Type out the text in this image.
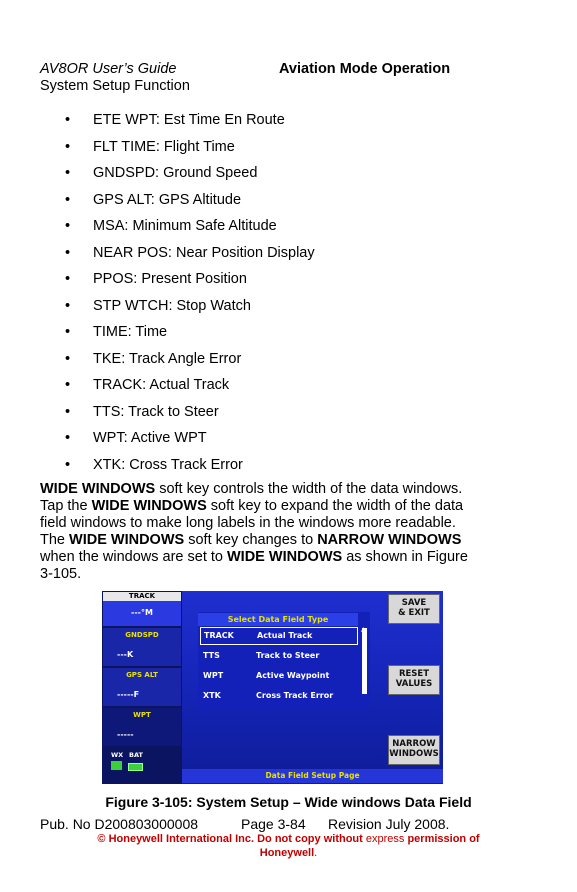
AV8OR User’s Guide
System Setup Function
Aviation Mode Operation
• ETE WPT: Est Time En Route
• FLT TIME: Flight Time
• GNDSPD: Ground Speed
• GPS ALT: GPS Altitude
• MSA: Minimum Safe Altitude
• NEAR POS: Near Position Display
• PPOS: Present Position
• STP WTCH: Stop Watch
• TIME: Time
• TKE: Track Angle Error
• TRACK: Actual Track
• TTS: Track to Steer
• WPT: Active WPT
• XTK: Cross Track Error
WIDE WINDOWS soft key controls the width of the data windows. Tap the WIDE WINDOWS soft key to expand the width of the data field windows to make long labels in the windows more readable. The WIDE WINDOWS soft key changes to NARROW WINDOWS when the windows are set to WIDE WINDOWS as shown in Figure 3-105.
TRACK
---°M
GNDSPD
---K
GPS ALT
-----F
WPT
-----
WX BAT
Select Data Field Type
TRACK	Actual Track
TTS	Track to Steer
WPT	Active Waypoint
XTK	Cross Track Error
SAVE
& EXIT
RESET
VALUES
NARROW
WINDOWS
Data Field Setup Page
Figure 3-105: System Setup – Wide windows Data Field
Pub. No D200803000008	Page 3-84 Revision July 2008.
© Honeywell International Inc. Do not copy without express permission of
Honeywell.
